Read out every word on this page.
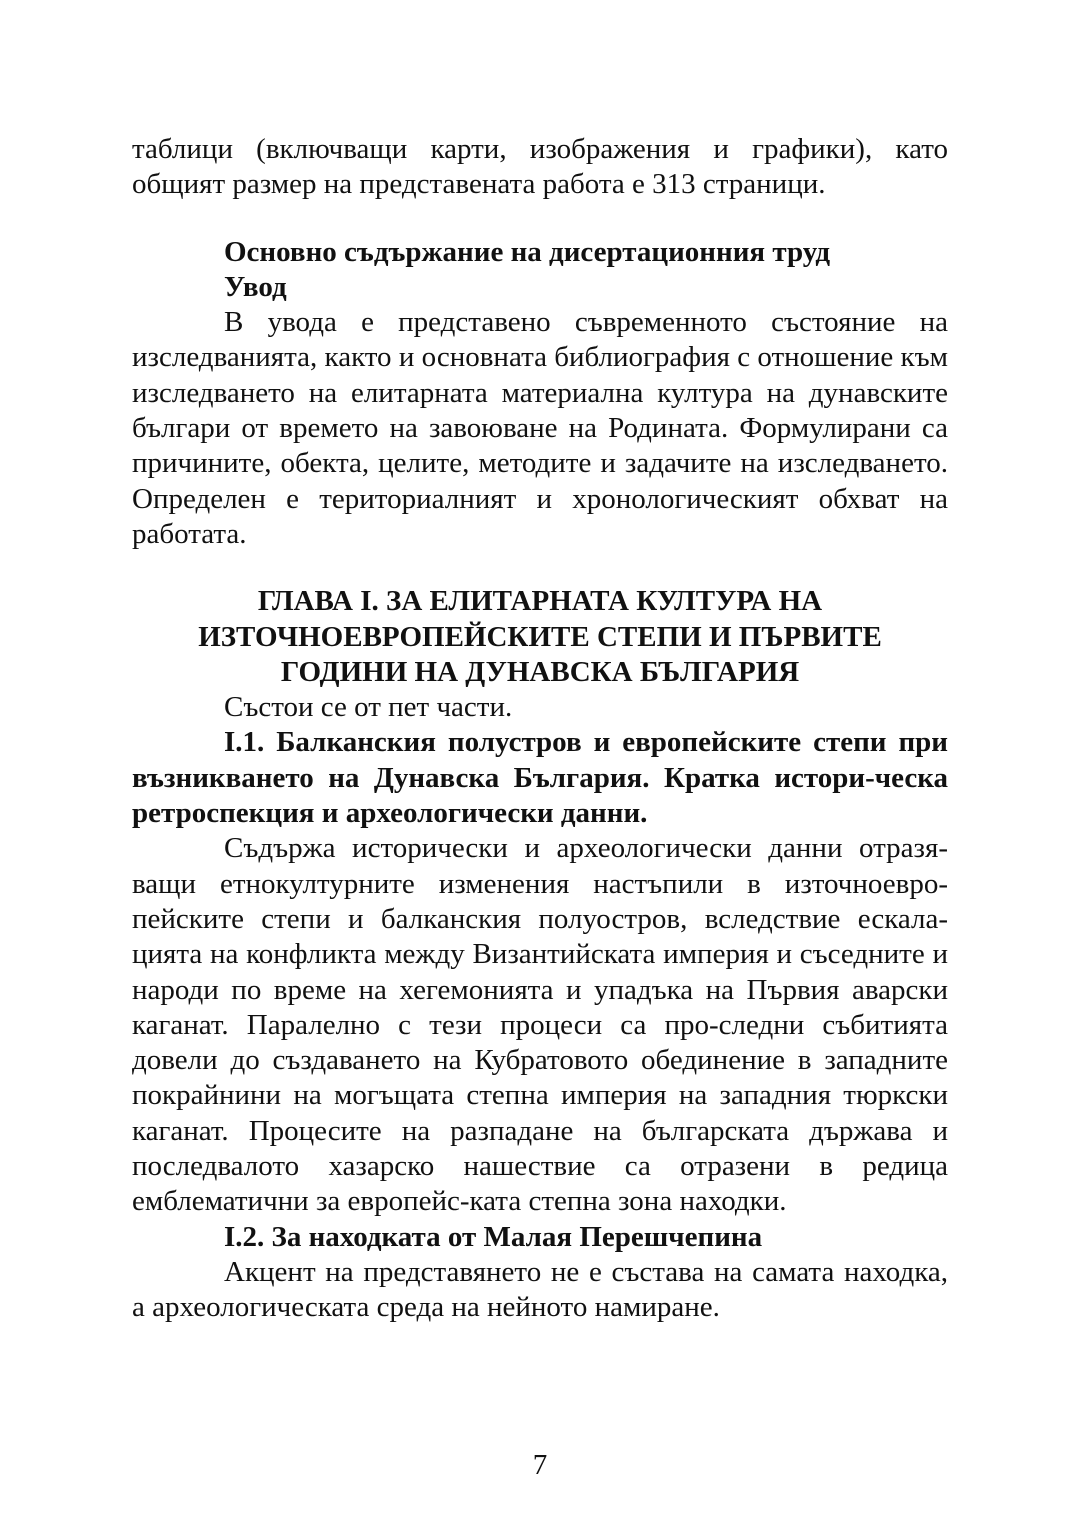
таблици (включващи карти, изображения и графики), като общият размер на представената работа е 313 страници.

Основно съдържание на дисертационния труд

Увод

В увода е представено съвременното състояние на изследванията, както и основната библиография с отношение към изследването на елитарната материална култура на дунавските българи от времето на завоюване на Родината. Формулирани са причините, обекта, целите, методите и задачите на изследването. Определен е териториалният и хронологическият обхват на работата.

ГЛАВА I. ЗА ЕЛИТАРНАТА КУЛТУРА НА

ИЗТОЧНОЕВРОПЕЙСКИТЕ СТЕПИ И ПЪРВИТЕ

ГОДИНИ НА ДУНАВСКА БЪЛГАРИЯ

Състои се от пет части.

I.1. Балканския полустров и европейските степи при възникването на Дунавска България. Кратка истори-ческа ретроспекция и археологически данни.

Съдържа исторически и археологически данни отразя-ващи етнокултурните изменения настъпили в източноевро-пейските степи и балканския полуостров, вследствие ескала-цията на конфликта между Византийската империя и съседните и народи по време на хегемонията и упадъка на Първия аварски каганат. Паралелно с тези процеси са про-следни събитията довели до създаването на Кубратовото обединение в западните покрайнини на могъщата степна империя на западния тюркски каганат. Процесите на разпадане на българската държава и последвалото хазарско нашествие са отразени в редица емблематични за европейс-ката степна зона находки.

I.2. За находката от Малая Перешчепина

Акцент на представянето не е състава на самата находка, а археологическата среда на нейното намиране.

7
